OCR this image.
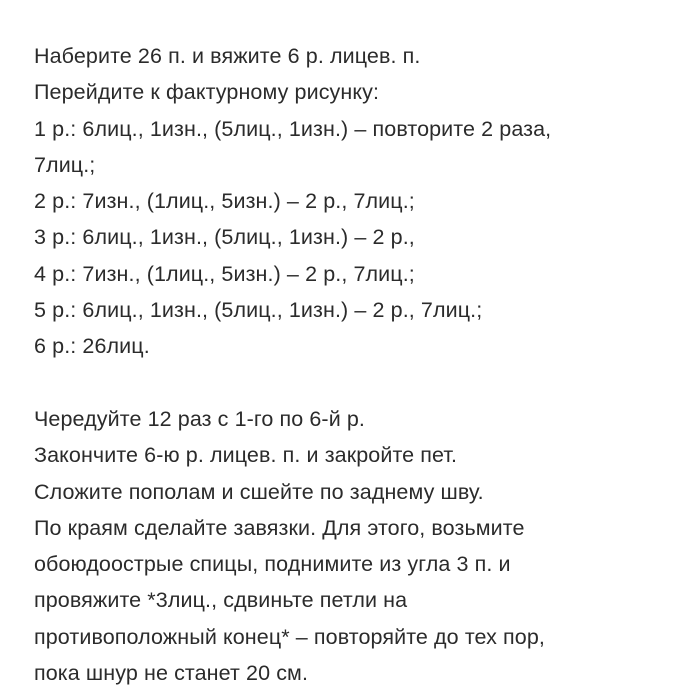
Наберите 26 п. и вяжите 6 р. лицев. п.
Перейдите к фактурному рисунку:
1 р.: 6лиц., 1изн., (5лиц., 1изн.) – повторите 2 раза,
7лиц.;
2 р.: 7изн., (1лиц., 5изн.) – 2 р., 7лиц.;
3 р.: 6лиц., 1изн., (5лиц., 1изн.) – 2 р.,
4 р.: 7изн., (1лиц., 5изн.) – 2 р., 7лиц.;
5 р.: 6лиц., 1изн., (5лиц., 1изн.) – 2 р., 7лиц.;
6 р.: 26лиц.
Чередуйте 12 раз с 1-го по 6-й р.
Закончите 6-ю р. лицев. п. и закройте пет.
Сложите пополам и сшейте по заднему шву.
По краям сделайте завязки. Для этого, возьмите
обоюдоострые спицы, поднимите из угла 3 п. и
провяжите *3лиц., сдвиньте петли на
противоположный конец* – повторяйте до тех пор,
пока шнур не станет 20 см.
